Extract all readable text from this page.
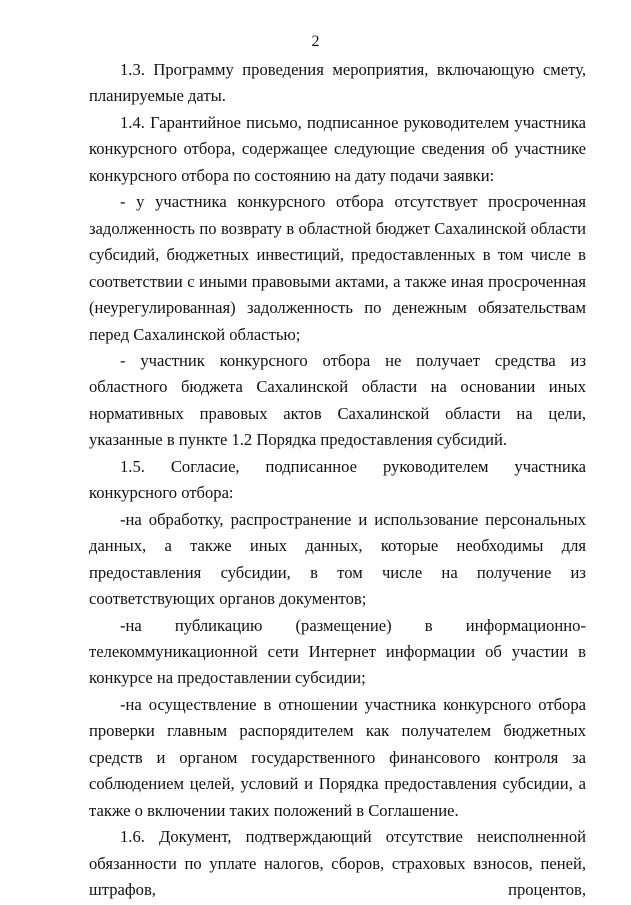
2

1.3. Программу проведения мероприятия, включающую смету, планируемые даты.

1.4. Гарантийное письмо, подписанное руководителем участника конкурсного отбора, содержащее следующие сведения об участнике конкурсного отбора по состоянию на дату подачи заявки:

- у участника конкурсного отбора отсутствует просроченная задолженность по возврату в областной бюджет Сахалинской области субсидий, бюджетных инвестиций, предоставленных в том числе в соответствии с иными правовыми актами, а также иная просроченная (неурегулированная) задолженность по денежным обязательствам перед Сахалинской областью;

- участник конкурсного отбора не получает средства из областного бюджета Сахалинской области на основании иных нормативных правовых актов Сахалинской области на цели, указанные в пункте 1.2 Порядка предоставления субсидий.

1.5. Согласие, подписанное руководителем участника конкурсного отбора:

-на обработку, распространение и использование персональных данных, а также иных данных, которые необходимы для предоставления субсидии, в том числе на получение из соответствующих органов документов;

-на публикацию (размещение) в информационно-телекоммуникационной сети Интернет информации об участии в конкурсе на предоставлении субсидии;

-на осуществление в отношении участника конкурсного отбора проверки главным распорядителем как получателем бюджетных средств и органом государственного финансового контроля за соблюдением целей, условий и Порядка предоставления субсидии, а также о включении таких положений в Соглашение.

1.6. Документ, подтверждающий отсутствие неисполненной обязанности по уплате налогов, сборов, страховых взносов, пеней, штрафов, процентов,
